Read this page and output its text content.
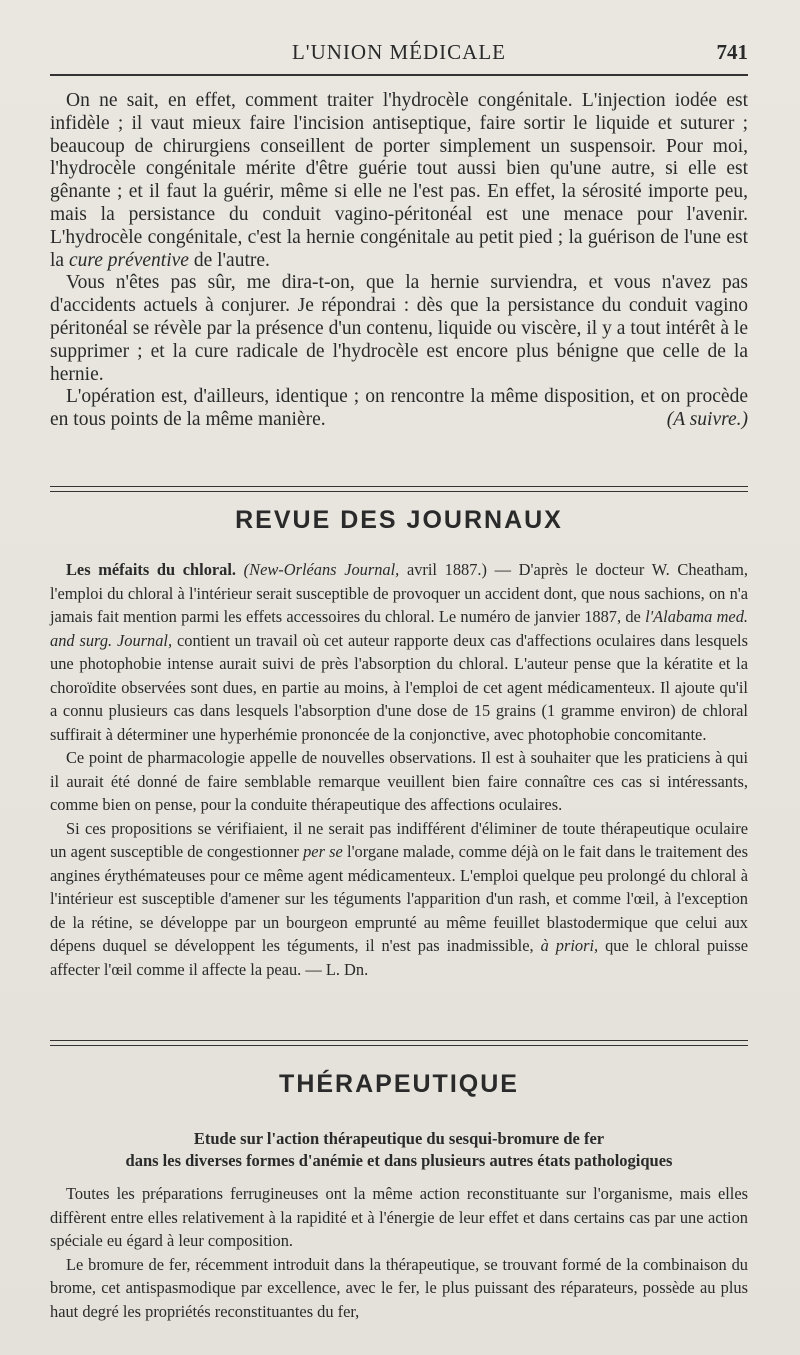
L'UNION MÉDICALE	741

On ne sait, en effet, comment traiter l'hydrocèle congénitale. L'injection iodée est infidèle ; il vaut mieux faire l'incision antiseptique, faire sortir le liquide et suturer ; beaucoup de chirurgiens conseillent de porter simplement un suspensoir. Pour moi, l'hydrocèle congénitale mérite d'être guérie tout aussi bien qu'une autre, si elle est gênante ; et il faut la guérir, même si elle ne l'est pas. En effet, la sérosité importe peu, mais la persistance du conduit vagino-péritonéal est une menace pour l'avenir. L'hydrocèle congénitale, c'est la hernie congénitale au petit pied ; la guérison de l'une est la cure préventive de l'autre.

Vous n'êtes pas sûr, me dira-t-on, que la hernie surviendra, et vous n'avez pas d'accidents actuels à conjurer. Je répondrai : dès que la persistance du conduit vagino péritonéal se révèle par la présence d'un contenu, liquide ou viscère, il y a tout intérêt à le supprimer ; et la cure radicale de l'hydrocèle est encore plus bénigne que celle de la hernie.

L'opération est, d'ailleurs, identique ; on rencontre la même disposition, et on procède en tous points de la même manière.	(A suivre.)

REVUE DES JOURNAUX

Les méfaits du chloral. (New-Orléans Journal, avril 1887.) — D'après le docteur W. Cheatham, l'emploi du chloral à l'intérieur serait susceptible de provoquer un accident dont, que nous sachions, on n'a jamais fait mention parmi les effets accessoires du chloral. Le numéro de janvier 1887, de l'Alabama med. and surg. Journal, contient un travail où cet auteur rapporte deux cas d'affections oculaires dans lesquels une photophobie intense aurait suivi de près l'absorption du chloral. L'auteur pense que la kératite et la choroïdite observées sont dues, en partie au moins, à l'emploi de cet agent médicamenteux. Il ajoute qu'il a connu plusieurs cas dans lesquels l'absorption d'une dose de 15 grains (1 gramme environ) de chloral suffirait à déterminer une hyperhémie prononcée de la conjonctive, avec photophobie concomitante.

Ce point de pharmacologie appelle de nouvelles observations. Il est à souhaiter que les praticiens à qui il aurait été donné de faire semblable remarque veuillent bien faire connaître ces cas si intéressants, comme bien on pense, pour la conduite thérapeutique des affections oculaires.

Si ces propositions se vérifiaient, il ne serait pas indifférent d'éliminer de toute thérapeutique oculaire un agent susceptible de congestionner per se l'organe malade, comme déjà on le fait dans le traitement des angines érythémateuses pour ce même agent médicamenteux. L'emploi quelque peu prolongé du chloral à l'intérieur est susceptible d'amener sur les téguments l'apparition d'un rash, et comme l'œil, à l'exception de la rétine, se développe par un bourgeon emprunté au même feuillet blastodermique que celui aux dépens duquel se développent les téguments, il n'est pas inadmissible, à priori, que le chloral puisse affecter l'œil comme il affecte la peau. — L. Dn.

THÉRAPEUTIQUE
Etude sur l'action thérapeutique du sesqui-bromure de fer
dans les diverses formes d'anémie et dans plusieurs autres états pathologiques

Toutes les préparations ferrugineuses ont la même action reconstituante sur l'organisme, mais elles diffèrent entre elles relativement à la rapidité et à l'énergie de leur effet et dans certains cas par une action spéciale eu égard à leur composition.

Le bromure de fer, récemment introduit dans la thérapeutique, se trouvant formé de la combinaison du brome, cet antispasmodique par excellence, avec le fer, le plus puissant des réparateurs, possède au plus haut degré les propriétés reconstituantes du fer,
